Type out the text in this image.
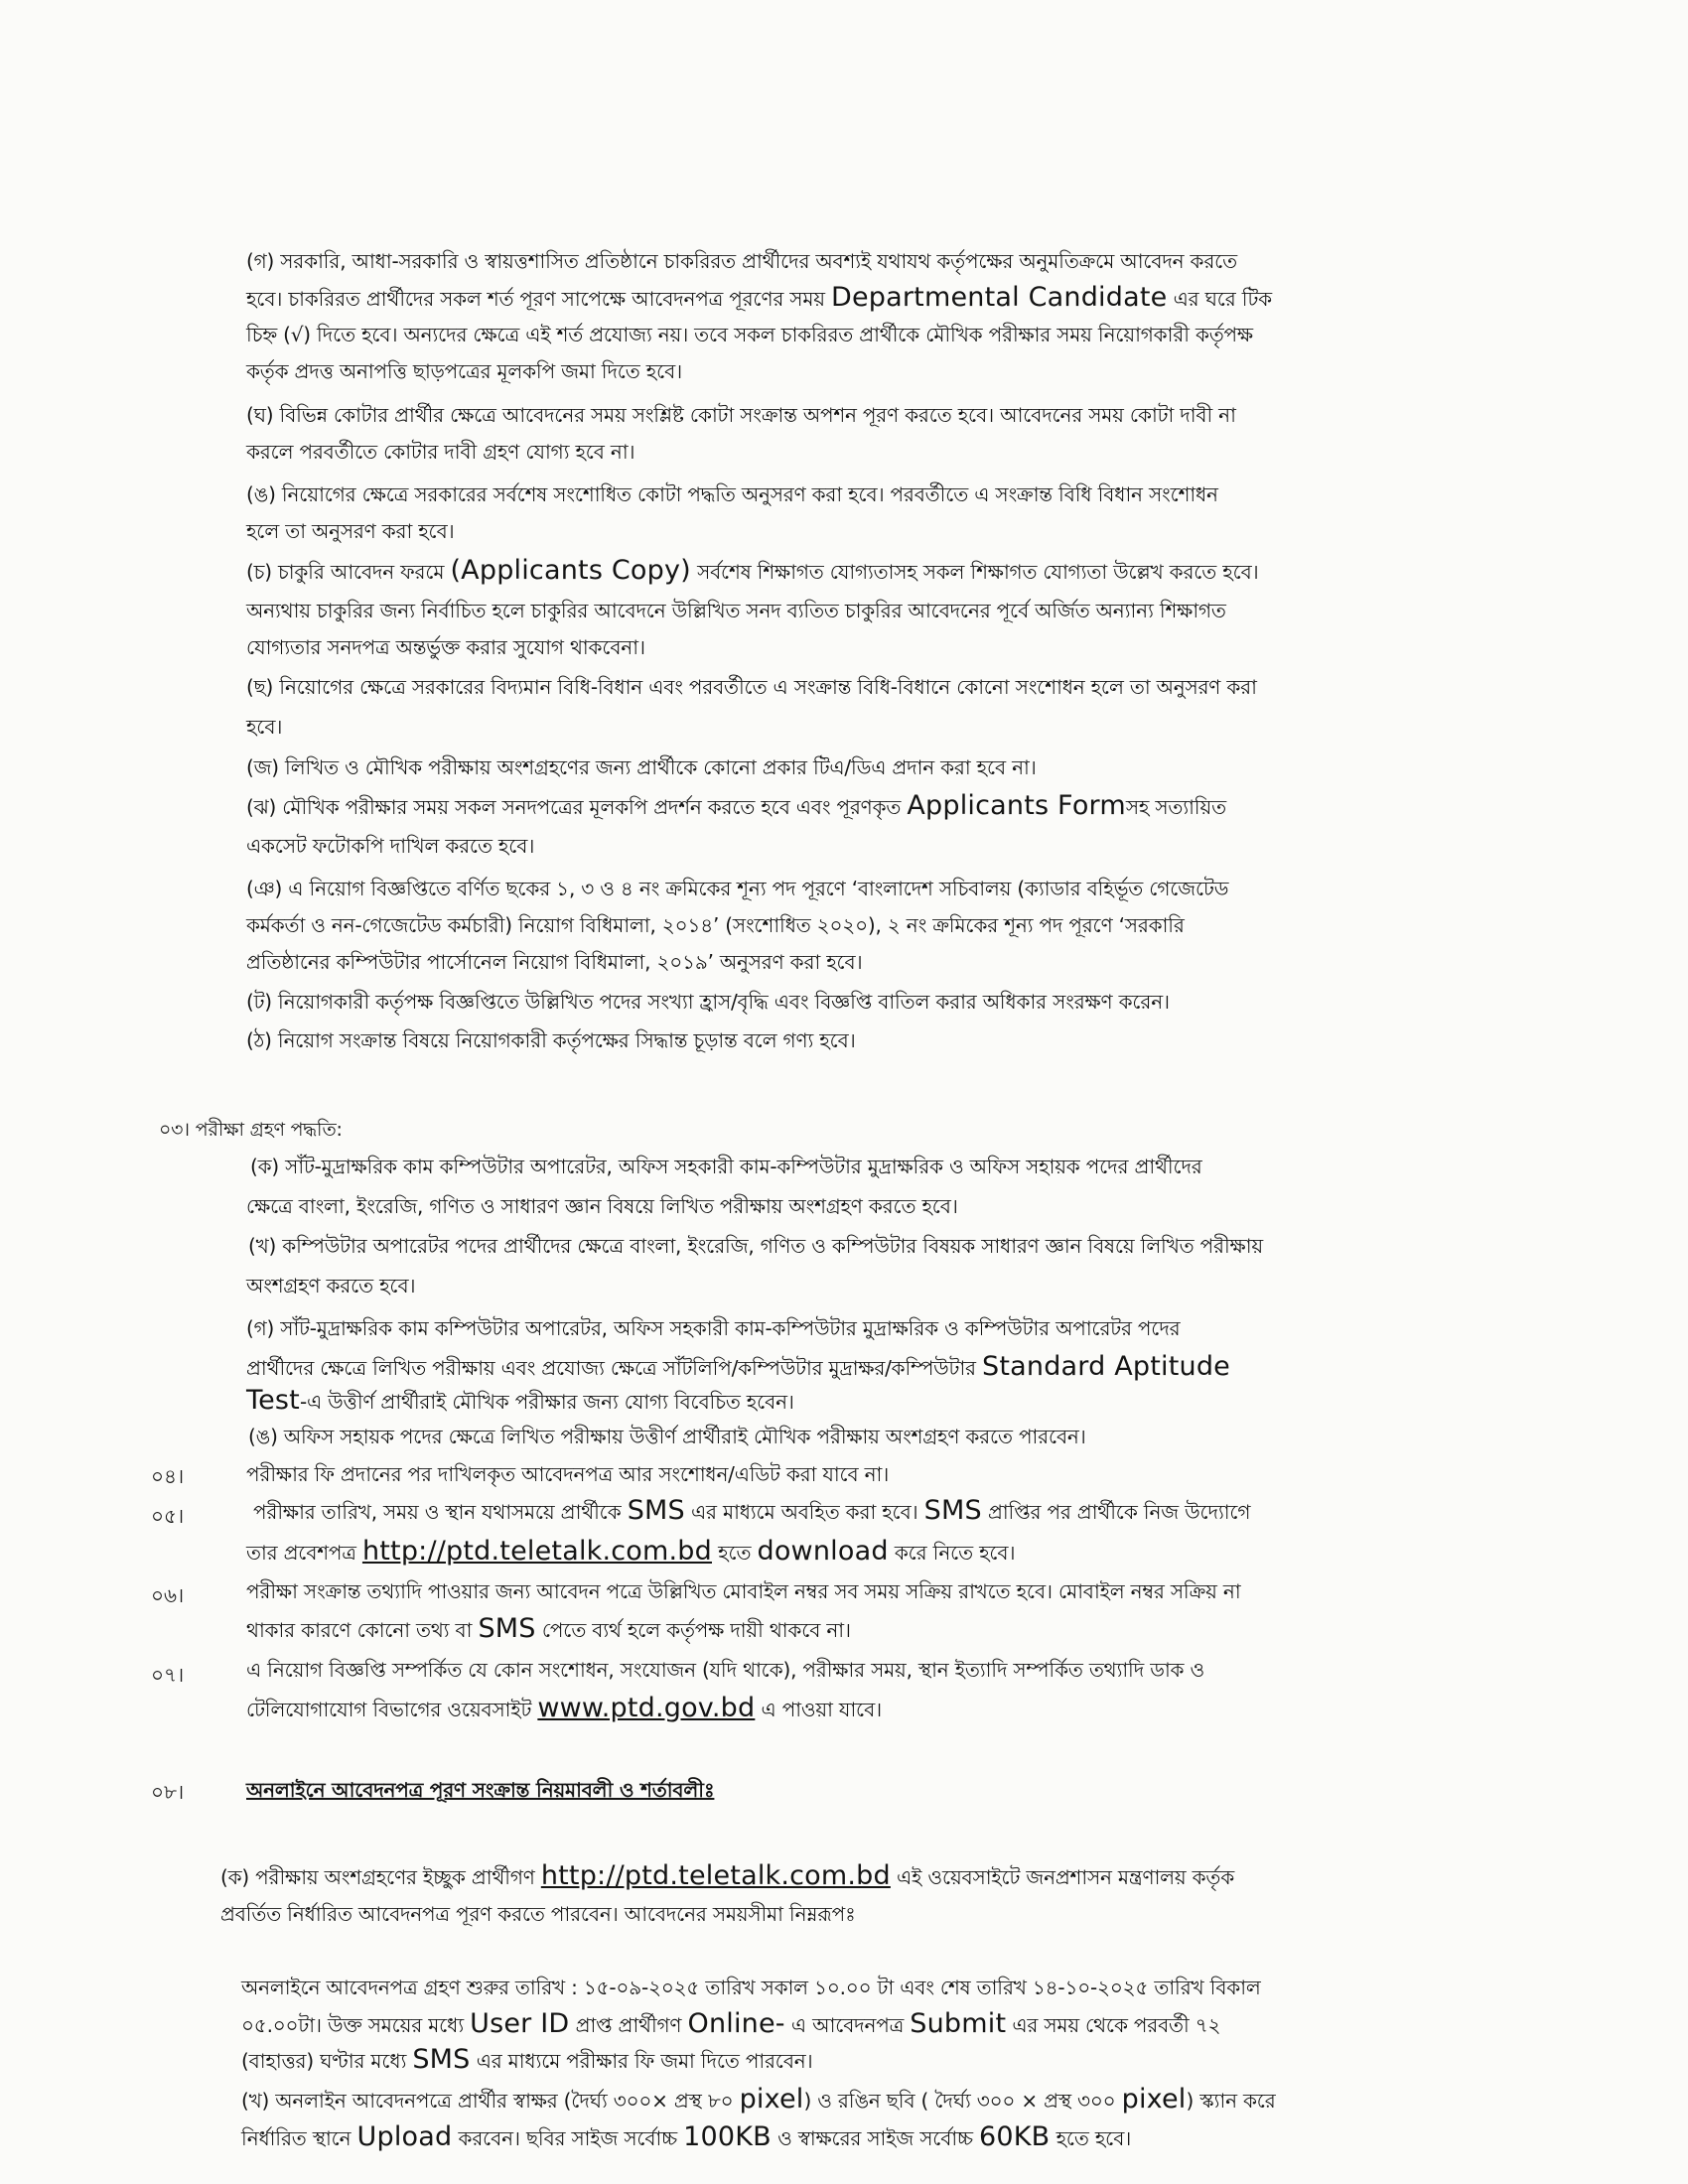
(গ) সরকারি, আধা-সরকারি ও স্বায়ত্তশাসিত প্রতিষ্ঠানে চাকরিরত প্রার্থীদের অবশ্যই যথাযথ কর্তৃপক্ষের অনুমতিক্রমে আবেদন করতে
হবে। চাকরিরত প্রার্থীদের সকল শর্ত পূরণ সাপেক্ষে আবেদনপত্র পূরণের সময় Departmental Candidate এর ঘরে টিক
চিহ্ন (√) দিতে হবে। অন্যদের ক্ষেত্রে এই শর্ত প্রযোজ্য নয়। তবে সকল চাকরিরত প্রার্থীকে মৌখিক পরীক্ষার সময় নিয়োগকারী কর্তৃপক্ষ
কর্তৃক প্রদত্ত অনাপত্তি ছাড়পত্রের মূলকপি জমা দিতে হবে।
(ঘ) বিভিন্ন কোটার প্রার্থীর ক্ষেত্রে আবেদনের সময় সংশ্লিষ্ট কোটা সংক্রান্ত অপশন পূরণ করতে হবে। আবেদনের সময় কোটা দাবী না
করলে পরবর্তীতে কোটার দাবী গ্রহণ যোগ্য হবে না।
(ঙ) নিয়োগের ক্ষেত্রে সরকারের সর্বশেষ সংশোধিত কোটা পদ্ধতি অনুসরণ করা হবে। পরবর্তীতে এ সংক্রান্ত বিধি বিধান সংশোধন
হলে তা অনুসরণ করা হবে।
(চ) চাকুরি আবেদন ফরমে (Applicants Copy) সর্বশেষ শিক্ষাগত যোগ্যতাসহ সকল শিক্ষাগত যোগ্যতা উল্লেখ করতে হবে।
অন্যথায় চাকুরির জন্য নির্বাচিত হলে চাকুরির আবেদনে উল্লিখিত সনদ ব্যতিত চাকুরির আবেদনের পূর্বে অর্জিত অন্যান্য শিক্ষাগত
যোগ্যতার সনদপত্র অন্তর্ভুক্ত করার সুযোগ থাকবেনা।
(ছ) নিয়োগের ক্ষেত্রে সরকারের বিদ্যমান বিধি-বিধান এবং পরবর্তীতে এ সংক্রান্ত বিধি-বিধানে কোনো সংশোধন হলে তা অনুসরণ করা
হবে।
(জ) লিখিত ও মৌখিক পরীক্ষায় অংশগ্রহণের জন্য প্রার্থীকে কোনো প্রকার টিএ/ডিএ প্রদান করা হবে না।
(ঝ) মৌখিক পরীক্ষার সময় সকল সনদপত্রের মূলকপি প্রদর্শন করতে হবে এবং পূরণকৃত Applicants Formসহ সত্যায়িত
একসেট ফটোকপি দাখিল করতে হবে।
(ঞ) এ নিয়োগ বিজ্ঞপ্তিতে বর্ণিত ছকের ১, ৩ ও ৪ নং ক্রমিকের শূন্য পদ পূরণে ‘বাংলাদেশ সচিবালয় (ক্যাডার বহির্ভূত গেজেটেড
কর্মকর্তা ও নন-গেজেটেড কর্মচারী) নিয়োগ বিধিমালা, ২০১৪’ (সংশোধিত ২০২০), ২ নং ক্রমিকের শূন্য পদ পূরণে ‘সরকারি
প্রতিষ্ঠানের কম্পিউটার পার্সোনেল নিয়োগ বিধিমালা, ২০১৯’ অনুসরণ করা হবে।
(ট) নিয়োগকারী কর্তৃপক্ষ বিজ্ঞপ্তিতে উল্লিখিত পদের সংখ্যা হ্রাস/বৃদ্ধি এবং বিজ্ঞপ্তি বাতিল করার অধিকার সংরক্ষণ করেন।
(ঠ) নিয়োগ সংক্রান্ত বিষয়ে নিয়োগকারী কর্তৃপক্ষের সিদ্ধান্ত চূড়ান্ত বলে গণ্য হবে।
০৩। পরীক্ষা গ্রহণ পদ্ধতি:
(ক) সাঁট-মুদ্রাক্ষরিক কাম কম্পিউটার অপারেটর, অফিস সহকারী কাম-কম্পিউটার মুদ্রাক্ষরিক ও অফিস সহায়ক পদের প্রার্থীদের
ক্ষেত্রে বাংলা, ইংরেজি, গণিত ও সাধারণ জ্ঞান বিষয়ে লিখিত পরীক্ষায় অংশগ্রহণ করতে হবে।
(খ) কম্পিউটার অপারেটর পদের প্রার্থীদের ক্ষেত্রে বাংলা, ইংরেজি, গণিত ও কম্পিউটার বিষয়ক সাধারণ জ্ঞান বিষয়ে লিখিত পরীক্ষায়
অংশগ্রহণ করতে হবে।
(গ) সাঁট-মুদ্রাক্ষরিক কাম কম্পিউটার অপারেটর, অফিস সহকারী কাম-কম্পিউটার মুদ্রাক্ষরিক ও কম্পিউটার অপারেটর পদের
প্রার্থীদের ক্ষেত্রে লিখিত পরীক্ষায় এবং প্রযোজ্য ক্ষেত্রে সাঁটলিপি/কম্পিউটার মুদ্রাক্ষর/কম্পিউটার Standard Aptitude
Test-এ উত্তীর্ণ প্রার্থীরাই মৌখিক পরীক্ষার জন্য যোগ্য বিবেচিত হবেন।
(ঙ) অফিস সহায়ক পদের ক্ষেত্রে লিখিত পরীক্ষায় উত্তীর্ণ প্রার্থীরাই মৌখিক পরীক্ষায় অংশগ্রহণ করতে পারবেন।
০৪।	পরীক্ষার ফি প্রদানের পর দাখিলকৃত আবেদনপত্র আর সংশোধন/এডিট করা যাবে না।
০৫।	পরীক্ষার তারিখ, সময় ও স্থান যথাসময়ে প্রার্থীকে SMS এর মাধ্যমে অবহিত করা হবে। SMS প্রাপ্তির পর প্রার্থীকে নিজ উদ্যোগে
তার প্রবেশপত্র http://ptd.teletalk.com.bd হতে download করে নিতে হবে।
০৬।	পরীক্ষা সংক্রান্ত তথ্যাদি পাওয়ার জন্য আবেদন পত্রে উল্লিখিত মোবাইল নম্বর সব সময় সক্রিয় রাখতে হবে। মোবাইল নম্বর সক্রিয় না
থাকার কারণে কোনো তথ্য বা SMS পেতে ব্যর্থ হলে কর্তৃপক্ষ দায়ী থাকবে না।
০৭।	এ নিয়োগ বিজ্ঞপ্তি সম্পর্কিত যে কোন সংশোধন, সংযোজন (যদি থাকে), পরীক্ষার সময়, স্থান ইত্যাদি সম্পর্কিত তথ্যাদি ডাক ও
টেলিযোগাযোগ বিভাগের ওয়েবসাইট www.ptd.gov.bd এ পাওয়া যাবে।
০৮।	অনলাইনে আবেদনপত্র পূরণ সংক্রান্ত নিয়মাবলী ও শর্তাবলীঃ
(ক) পরীক্ষায় অংশগ্রহণের ইচ্ছুক প্রার্থীগণ http://ptd.teletalk.com.bd এই ওয়েবসাইটে জনপ্রশাসন মন্ত্রণালয় কর্তৃক
প্রবর্তিত নির্ধারিত আবেদনপত্র পূরণ করতে পারবেন। আবেদনের সময়সীমা নিম্নরূপঃ
অনলাইনে আবেদনপত্র গ্রহণ শুরুর তারিখ : ১৫-০৯-২০২৫ তারিখ সকাল ১০.০০ টা এবং শেষ তারিখ ১৪-১০-২০২৫ তারিখ বিকাল
০৫.০০টা। উক্ত সময়ের মধ্যে User ID প্রাপ্ত প্রার্থীগণ Online- এ আবেদনপত্র Submit এর সময় থেকে পরবর্তী ৭২
(বাহাত্তর) ঘণ্টার মধ্যে SMS এর মাধ্যমে পরীক্ষার ফি জমা দিতে পারবেন।
(খ) অনলাইন আবেদনপত্রে প্রার্থীর স্বাক্ষর (দৈর্ঘ্য ৩০০× প্রস্থ ৮০ pixel) ও রঙিন ছবি ( দৈর্ঘ্য ৩০০ × প্রস্থ ৩০০ pixel) স্ক্যান করে
নির্ধারিত স্থানে Upload করবেন। ছবির সাইজ সর্বোচ্চ 100KB ও স্বাক্ষরের সাইজ সর্বোচ্চ 60KB হতে হবে।
